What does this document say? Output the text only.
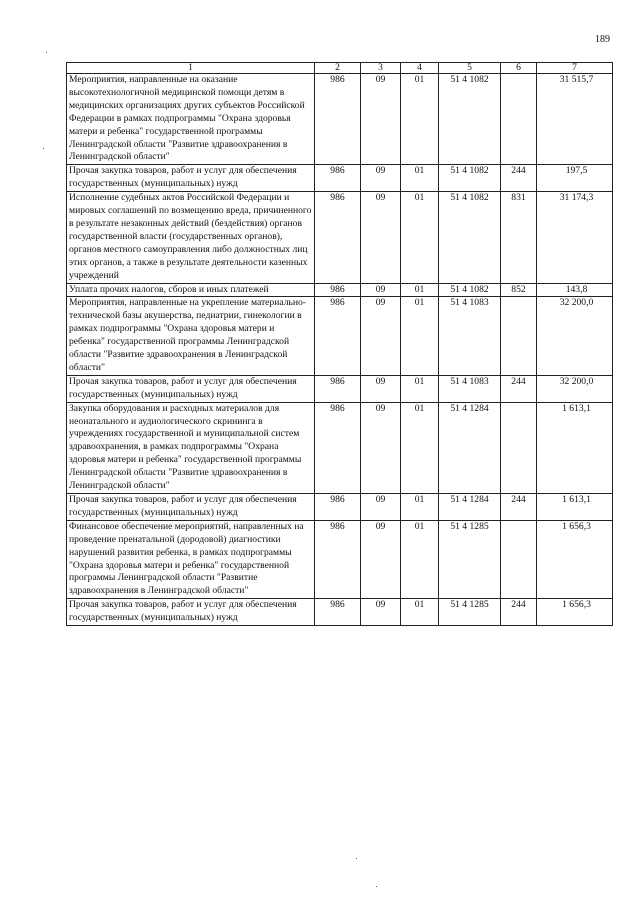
189
1	2	3	4	5	6	7
Мероприятия, направленные на оказание высокотехнологичной медицинской помощи детям в медицинских организациях других субъектов Российской Федерации в рамках подпрограммы "Охрана здоровья матери и ребенка" государственной программы Ленинградской области "Развитие здравоохранения в Ленинградской области"	986	09	01	51 4 1082		31 515,7
Прочая закупка товаров, работ и услуг для обеспечения государственных (муниципальных) нужд	986	09	01	51 4 1082	244	197,5
Исполнение судебных актов Российской Федерации и мировых соглашений по возмещению вреда, причиненного в результате незаконных действий (бездействия) органов государственной власти (государственных органов), органов местного самоуправления либо должностных лиц этих органов, а также в результате деятельности казенных учреждений	986	09	01	51 4 1082	831	31 174,3
Уплата прочих налогов, сборов и иных платежей	986	09	01	51 4 1082	852	143,8
Мероприятия, направленные на укрепление материально-технической базы акушерства, педиатрии, гинекологии в рамках подпрограммы "Охрана здоровья матери и ребенка" государственной программы Ленинградской области "Развитие здравоохранения в Ленинградской области"	986	09	01	51 4 1083		32 200,0
Прочая закупка товаров, работ и услуг для обеспечения государственных (муниципальных) нужд	986	09	01	51 4 1083	244	32 200,0
Закупка оборудования и расходных материалов для неонатального и аудиологического скрининга в учреждениях государственной и муниципальной систем здравоохранения, в рамках подпрограммы "Охрана здоровья матери и ребенка" государственной программы Ленинградской области "Развитие здравоохранения в Ленинградской области"	986	09	01	51 4 1284		1 613,1
Прочая закупка товаров, работ и услуг для обеспечения государственных (муниципальных) нужд	986	09	01	51 4 1284	244	1 613,1
Финансовое обеспечение мероприятий, направленных на проведение пренатальной (дородовой) диагностики нарушений развития ребенка, в рамках подпрограммы "Охрана здоровья матери и ребенка" государственной программы Ленинградской области "Развитие здравоохранения в Ленинградской области"	986	09	01	51 4 1285		1 656,3
Прочая закупка товаров, работ и услуг для обеспечения государственных (муниципальных) нужд	986	09	01	51 4 1285	244	1 656,3
